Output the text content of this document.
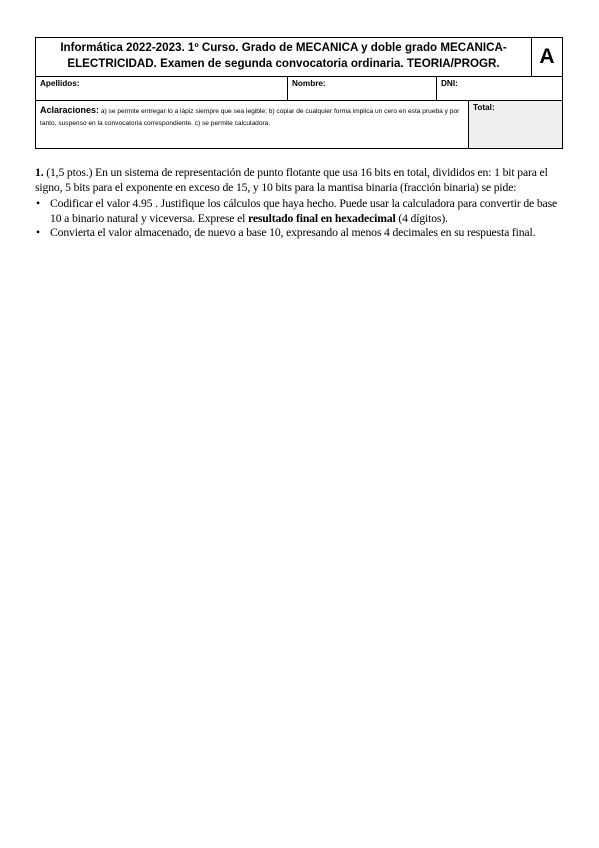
Informática 2022-2023. 1º Curso. Grado de MECANICA y doble grado MECANICA-
ELECTRICIDAD. Examen de segunda convocatoria ordinaria. TEORIA/PROGR.				A
Apellidos:	Nombre:	DNI:		
Aclaraciones: a) se permite entregar lo a lápiz siempre que sea legible; b) copiar de cualquier forma implica un cero en esta prueba y por tanto, suspenso en la convocatoria correspondiente. c) se permite calculadora.			Total:	

1. (1,5 ptos.) En un sistema de representación de punto flotante que usa 16 bits en total, divididos en: 1 bit para el signo, 5 bits para el exponente en exceso de 15, y 10 bits para la mantisa binaria (fracción binaria) se pide:

• Codificar el valor 4.95 . Justifique los cálculos que haya hecho. Puede usar la calculadora para convertir de base 10 a binario natural y viceversa. Exprese el resultado final en hexadecimal (4 dígitos).
• Convierta el valor almacenado, de nuevo a base 10, expresando al menos 4 decimales en su respuesta final.
